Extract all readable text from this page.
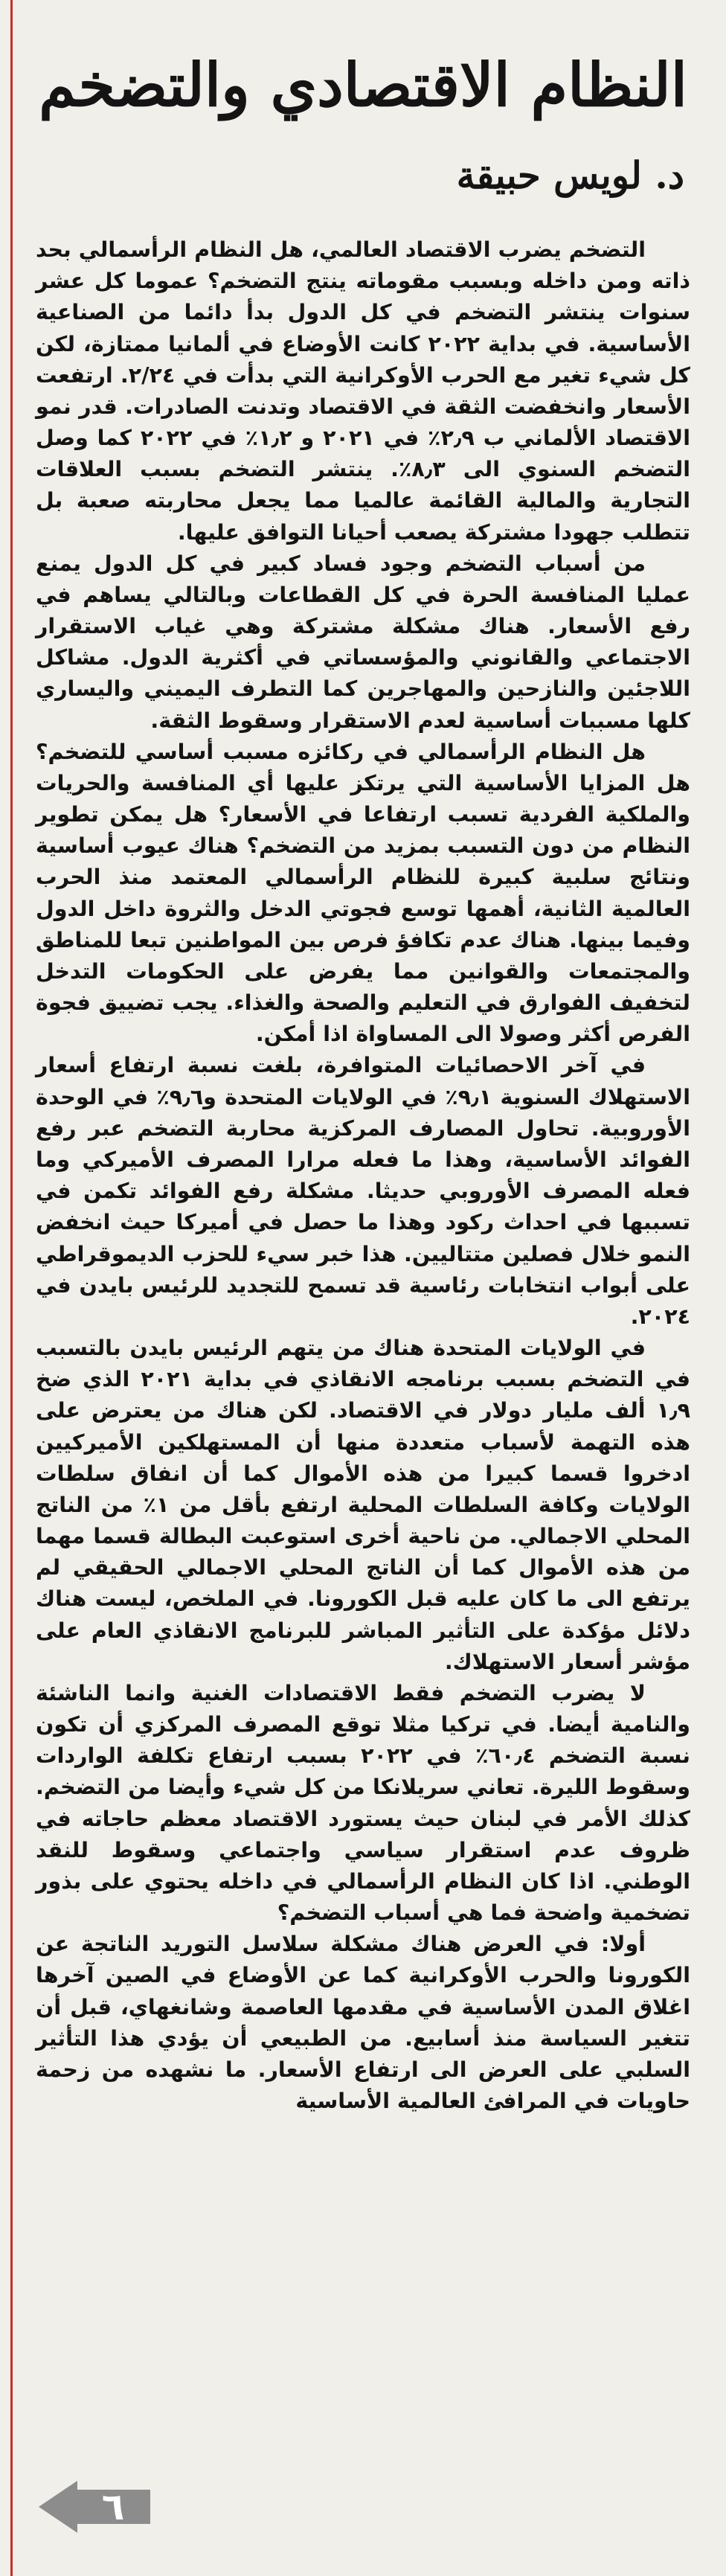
النظام الاقتصادي والتضخم
د. لويس حبيقة

التضخم يضرب الاقتصاد العالمي، هل النظام الرأسمالي بحد ذاته ومن داخله وبسبب مقوماته ينتج التضخم؟ عموما كل عشر سنوات ينتشر التضخم في كل الدول بدأ دائما من الصناعية الأساسية. في بداية ٢٠٢٢ كانت الأوضاع في ألمانيا ممتازة، لكن كل شيء تغير مع الحرب الأوكرانية التي بدأت في ٢/٢٤. ارتفعت الأسعار وانخفضت الثقة في الاقتصاد وتدنت الصادرات. قدر نمو الاقتصاد الألماني ب ٢٫٩٪ في ٢٠٢١ و ١٫٢٪ في ٢٠٢٢ كما وصل التضخم السنوي الى ٨٫٣٪. ينتشر التضخم بسبب العلاقات التجارية والمالية القائمة عالميا مما يجعل محاربته صعبة بل تتطلب جهودا مشتركة يصعب أحيانا التوافق عليها.

من أسباب التضخم وجود فساد كبير في كل الدول يمنع عمليا المنافسة الحرة في كل القطاعات وبالتالي يساهم في رفع الأسعار. هناك مشكلة مشتركة وهي غياب الاستقرار الاجتماعي والقانوني والمؤسساتي في أكثرية الدول. مشاكل اللاجئين والنازحين والمهاجرين كما التطرف اليميني واليساري كلها مسببات أساسية لعدم الاستقرار وسقوط الثقة.

هل النظام الرأسمالي في ركائزه مسبب أساسي للتضخم؟ هل المزايا الأساسية التي يرتكز عليها أي المنافسة والحريات والملكية الفردية تسبب ارتفاعا في الأسعار؟ هل يمكن تطوير النظام من دون التسبب بمزيد من التضخم؟ هناك عيوب أساسية ونتائج سلبية كبيرة للنظام الرأسمالي المعتمد منذ الحرب العالمية الثانية، أهمها توسع فجوتي الدخل والثروة داخل الدول وفيما بينها. هناك عدم تكافؤ فرص بين المواطنين تبعا للمناطق والمجتمعات والقوانين مما يفرض على الحكومات التدخل لتخفيف الفوارق في التعليم والصحة والغذاء. يجب تضييق فجوة الفرص أكثر وصولا الى المساواة اذا أمكن.

في آخر الاحصائيات المتوافرة، بلغت نسبة ارتفاع أسعار الاستهلاك السنوية ٩٫١٪ في الولايات المتحدة و٩٫٦٪ في الوحدة الأوروبية. تحاول المصارف المركزية محاربة التضخم عبر رفع الفوائد الأساسية، وهذا ما فعله مرارا المصرف الأميركي وما فعله المصرف الأوروبي حديثا. مشكلة رفع الفوائد تكمن في تسببها في احداث ركود وهذا ما حصل في أميركا حيث انخفض النمو خلال فصلين متتاليين. هذا خبر سيء للحزب الديموقراطي على أبواب انتخابات رئاسية قد تسمح للتجديد للرئيس بايدن في ٢٠٢٤.

في الولايات المتحدة هناك من يتهم الرئيس بايدن بالتسبب في التضخم بسبب برنامجه الانقاذي في بداية ٢٠٢١ الذي ضخ ١٫٩ ألف مليار دولار في الاقتصاد. لكن هناك من يعترض على هذه التهمة لأسباب متعددة منها أن المستهلكين الأميركيين ادخروا قسما كبيرا من هذه الأموال كما أن انفاق سلطات الولايات وكافة السلطات المحلية ارتفع بأقل من ١٪ من الناتج المحلي الاجمالي. من ناحية أخرى استوعبت البطالة قسما مهما من هذه الأموال كما أن الناتج المحلي الاجمالي الحقيقي لم يرتفع الى ما كان عليه قبل الكورونا. في الملخص، ليست هناك دلائل مؤكدة على التأثير المباشر للبرنامج الانقاذي العام على مؤشر أسعار الاستهلاك.

لا يضرب التضخم فقط الاقتصادات الغنية وانما الناشئة والنامية أيضا. في تركيا مثلا توقع المصرف المركزي أن تكون نسبة التضخم ٦٠٫٤٪ في ٢٠٢٢ بسبب ارتفاع تكلفة الواردات وسقوط الليرة. تعاني سريلانكا من كل شيء وأيضا من التضخم. كذلك الأمر في لبنان حيث يستورد الاقتصاد معظم حاجاته في ظروف عدم استقرار سياسي واجتماعي وسقوط للنقد الوطني. اذا كان النظام الرأسمالي في داخله يحتوي على بذور تضخمية واضحة فما هي أسباب التضخم؟

أولا: في العرض هناك مشكلة سلاسل التوريد الناتجة عن الكورونا والحرب الأوكرانية كما عن الأوضاع في الصين آخرها اغلاق المدن الأساسية في مقدمها العاصمة وشانغهاي، قبل أن تتغير السياسة منذ أسابيع. من الطبيعي أن يؤدي هذا التأثير السلبي على العرض الى ارتفاع الأسعار. ما نشهده من زحمة حاويات في المرافئ العالمية الأساسية

٦
